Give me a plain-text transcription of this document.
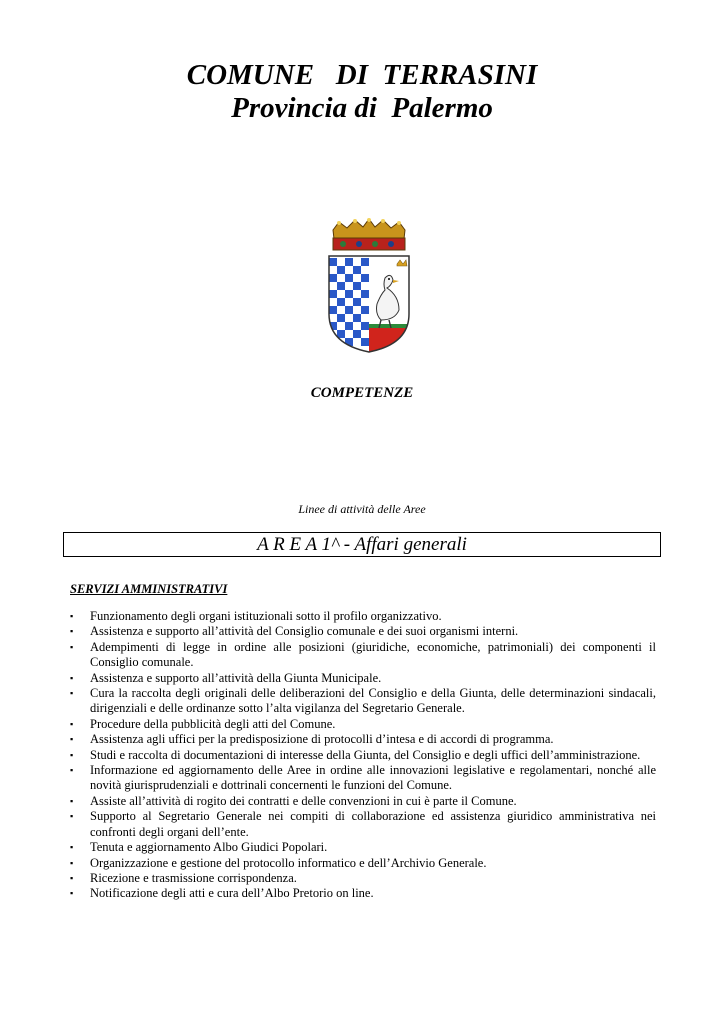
COMUNE   DI  TERRASINI
Provincia di  Palermo
COMPETENZE
Linee di attività delle Aree
A R E A 1^ - Affari generali
SERVIZI AMMINISTRATIVI
▪ Funzionamento degli organi istituzionali sotto il profilo organizzativo.
▪ Assistenza e supporto all’attività del Consiglio comunale e dei suoi organismi interni.
▪ Adempimenti di legge in ordine alle posizioni (giuridiche, economiche, patrimoniali) dei componenti il Consiglio comunale.
▪ Assistenza e supporto all’attività della Giunta Municipale.
▪ Cura la raccolta degli originali delle deliberazioni del Consiglio e della Giunta, delle determinazioni sindacali, dirigenziali e delle ordinanze sotto l’alta vigilanza del Segretario Generale.
▪ Procedure della pubblicità degli atti del Comune.
▪ Assistenza agli uffici per la predisposizione di protocolli d’intesa e di accordi di programma.
▪ Studi e raccolta di documentazioni di interesse della Giunta, del Consiglio e degli uffici dell’amministrazione.
▪ Informazione ed aggiornamento delle Aree in ordine alle innovazioni legislative e regolamentari, nonché alle novità giurisprudenziali e dottrinali concernenti le funzioni del Comune.
▪ Assiste all’attività di rogito dei contratti e delle convenzioni in cui è parte il Comune.
▪ Supporto al Segretario Generale nei compiti di collaborazione ed assistenza giuridico amministrativa nei confronti degli organi dell’ente.
▪ Tenuta e aggiornamento Albo Giudici Popolari.
▪ Organizzazione e gestione del protocollo informatico e dell’Archivio Generale.
▪ Ricezione e trasmissione corrispondenza.
▪ Notificazione degli atti e cura dell’Albo Pretorio on line.
